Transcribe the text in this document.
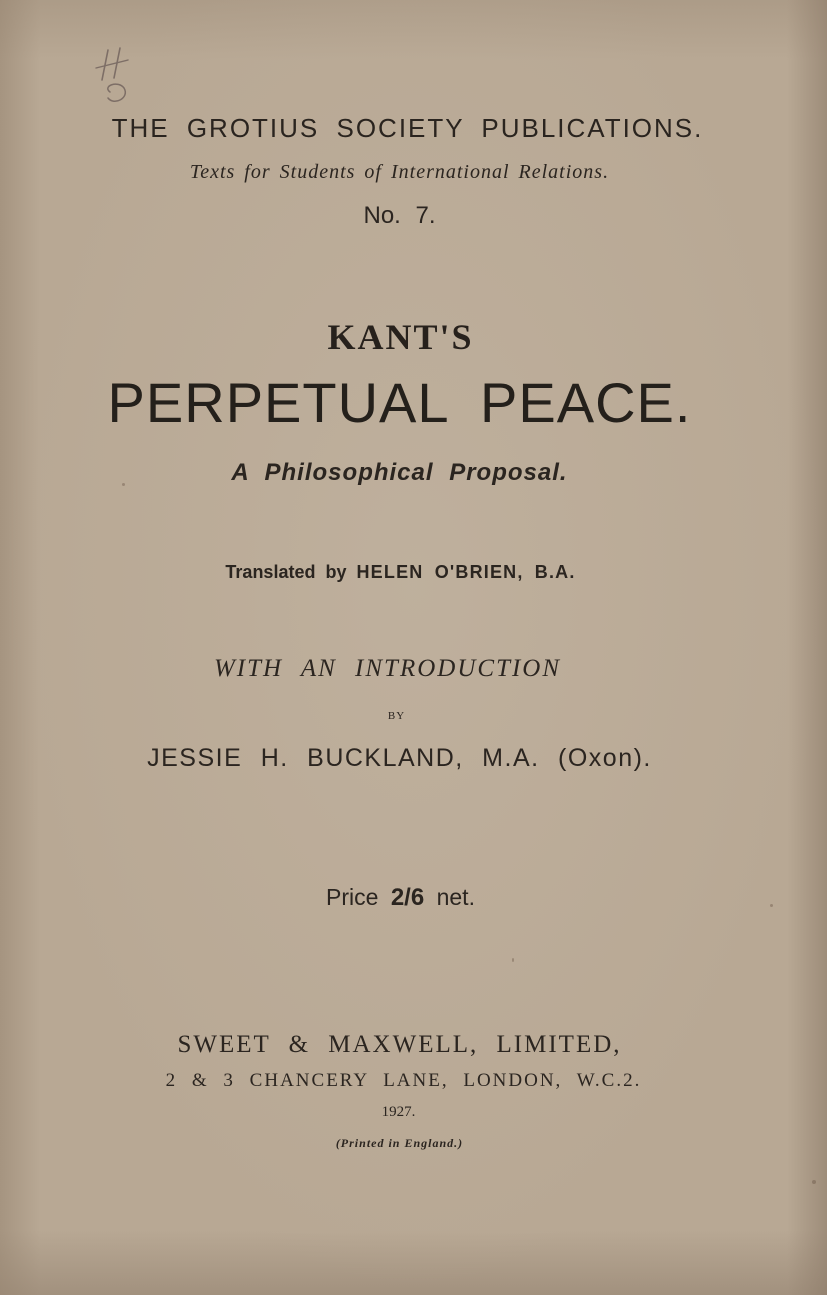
THE GROTIUS SOCIETY PUBLICATIONS.
Texts for Students of International Relations.
No. 7.
KANT'S
PERPETUAL PEACE.
A Philosophical Proposal.
Translated by HELEN O'BRIEN, B.A.
WITH AN INTRODUCTION
BY
JESSIE H. BUCKLAND, M.A. (Oxon).
Price 2/6 net.
SWEET & MAXWELL, LIMITED,
2 & 3 CHANCERY LANE, LONDON, W.C.2.
1927.
(Printed in England.)
